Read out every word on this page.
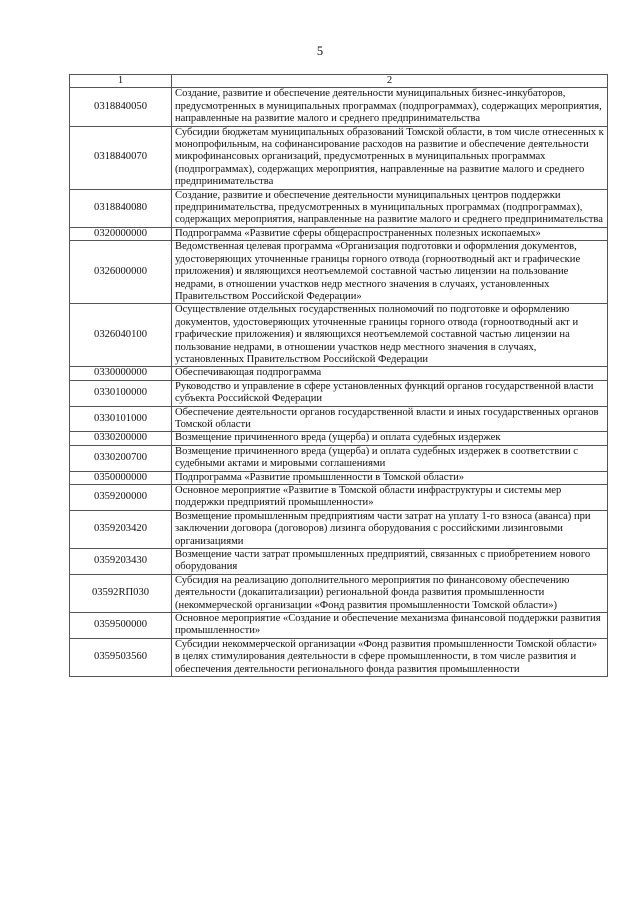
5
1	2
0318840050	Создание, развитие и обеспечение деятельности муниципальных бизнес-инкубаторов, предусмотренных в муниципальных программах (подпрограммах), содержащих мероприятия, направленные на развитие малого и среднего предпринимательства
0318840070	Субсидии бюджетам муниципальных образований Томской области, в том числе отнесенных к монопрофильным, на софинансирование расходов на развитие и обеспечение деятельности микрофинансовых организаций, предусмотренных в муниципальных программах (подпрограммах), содержащих мероприятия, направленные на развитие малого и среднего предпринимательства
0318840080	Создание, развитие и обеспечение деятельности муниципальных центров поддержки предпринимательства, предусмотренных в муниципальных программах (подпрограммах), содержащих мероприятия, направленные на развитие малого и среднего предпринимательства
0320000000	Подпрограмма «Развитие сферы общераспространенных полезных ископаемых»
0326000000	Ведомственная целевая программа «Организация подготовки и оформления документов, удостоверяющих уточненные границы горного отвода (горноотводный акт и графические приложения) и являющихся неотъемлемой составной частью лицензии на пользование недрами, в отношении участков недр местного значения в случаях, установленных Правительством Российской Федерации»
0326040100	Осуществление отдельных государственных полномочий по подготовке и оформлению документов, удостоверяющих уточненные границы горного отвода (горноотводный акт и графические приложения) и являющихся неотъемлемой составной частью лицензии на пользование недрами, в отношении участков недр местного значения в случаях, установленных Правительством Российской Федерации
0330000000	Обеспечивающая подпрограмма
0330100000	Руководство и управление в сфере установленных функций органов государственной власти субъекта Российской Федерации
0330101000	Обеспечение деятельности органов государственной власти и иных государственных органов Томской области
0330200000	Возмещение причиненного вреда (ущерба) и оплата судебных издержек
0330200700	Возмещение причиненного вреда (ущерба) и оплата судебных издержек в соответствии с судебными актами и мировыми соглашениями
0350000000	Подпрограмма «Развитие промышленности в Томской области»
0359200000	Основное мероприятие «Развитие в Томской области инфраструктуры и системы мер поддержки предприятий промышленности»
0359203420	Возмещение промышленным предприятиям части затрат на уплату 1-го взноса (аванса) при заключении договора (договоров) лизинга оборудования с российскими лизинговыми организациями
0359203430	Возмещение части затрат промышленных предприятий, связанных с приобретением нового оборудования
03592RП030	Субсидия на реализацию дополнительного мероприятия по финансовому обеспечению деятельности (докапитализации) региональной фонда развития промышленности (некоммерческой организации «Фонд развития промышленности Томской области»)
0359500000	Основное мероприятие «Создание и обеспечение механизма финансовой поддержки развития промышленности»
0359503560	Субсидии некоммерческой организации «Фонд развития промышленности Томской области» в целях стимулирования деятельности в сфере промышленности, в том числе развития и обеспечения деятельности регионального фонда развития промышленности
